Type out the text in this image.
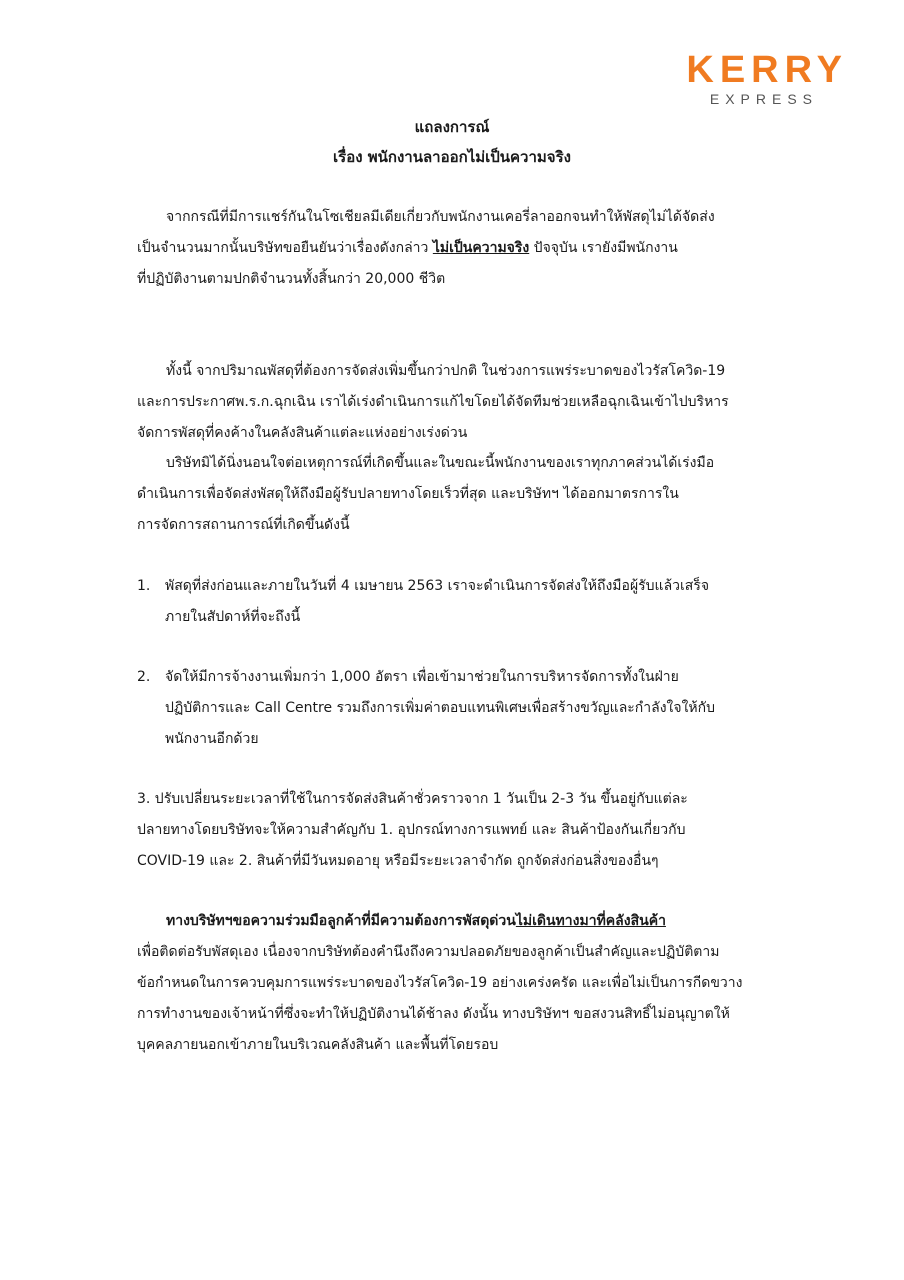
KERRY
EXPRESS
แถลงการณ์
เรื่อง พนักงานลาออกไม่เป็นความจริง
จากกรณีที่มีการแชร์กันในโซเชียลมีเดียเกี่ยวกับพนักงานเคอรี่ลาออกจนทำให้พัสดุไม่ได้จัดส่ง
เป็นจำนวนมากนั้นบริษัทขอยืนยันว่าเรื่องดังกล่าว ไม่เป็นความจริง ปัจจุบัน เรายังมีพนักงาน
ที่ปฏิบัติงานตามปกติจำนวนทั้งสิ้นกว่า 20,000 ชีวิต
ทั้งนี้ จากปริมาณพัสดุที่ต้องการจัดส่งเพิ่มขึ้นกว่าปกติ ในช่วงการแพร่ระบาดของไวรัสโควิด-19
และการประกาศพ.ร.ก.ฉุกเฉิน เราได้เร่งดำเนินการแก้ไขโดยได้จัดทีมช่วยเหลือฉุกเฉินเข้าไปบริหาร
จัดการพัสดุที่คงค้างในคลังสินค้าแต่ละแห่งอย่างเร่งด่วน
บริษัทมิได้นิ่งนอนใจต่อเหตุการณ์ที่เกิดขึ้นและในขณะนี้พนักงานของเราทุกภาคส่วนได้เร่งมือ
ดำเนินการเพื่อจัดส่งพัสดุให้ถึงมือผู้รับปลายทางโดยเร็วที่สุด และบริษัทฯ ได้ออกมาตรการใน
การจัดการสถานการณ์ที่เกิดขึ้นดังนี้
1. พัสดุที่ส่งก่อนและภายในวันที่ 4 เมษายน 2563 เราจะดำเนินการจัดส่งให้ถึงมือผู้รับแล้วเสร็จ
ภายในสัปดาห์ที่จะถึงนี้
2. จัดให้มีการจ้างงานเพิ่มกว่า 1,000 อัตรา เพื่อเข้ามาช่วยในการบริหารจัดการทั้งในฝ่าย
ปฏิบัติการและ Call Centre รวมถึงการเพิ่มค่าตอบแทนพิเศษเพื่อสร้างขวัญและกำลังใจให้กับ
พนักงานอีกด้วย
3. ปรับเปลี่ยนระยะเวลาที่ใช้ในการจัดส่งสินค้าชั่วคราวจาก 1 วันเป็น 2-3 วัน ขึ้นอยู่กับแต่ละ
ปลายทางโดยบริษัทจะให้ความสำคัญกับ 1. อุปกรณ์ทางการแพทย์ และ สินค้าป้องกันเกี่ยวกับ
COVID-19 และ 2. สินค้าที่มีวันหมดอายุ หรือมีระยะเวลาจำกัด ถูกจัดส่งก่อนสิ่งของอื่นๆ
ทางบริษัทฯขอความร่วมมือลูกค้าที่มีความต้องการพัสดุด่วนไม่เดินทางมาที่คลังสินค้า
เพื่อติดต่อรับพัสดุเอง เนื่องจากบริษัทต้องคำนึงถึงความปลอดภัยของลูกค้าเป็นสำคัญและปฏิบัติตาม
ข้อกำหนดในการควบคุมการแพร่ระบาดของไวรัสโควิด-19 อย่างเคร่งครัด และเพื่อไม่เป็นการกีดขวาง
การทำงานของเจ้าหน้าที่ซึ่งจะทำให้ปฏิบัติงานได้ช้าลง ดังนั้น ทางบริษัทฯ ขอสงวนสิทธิ์ไม่อนุญาตให้
บุคคลภายนอกเข้าภายในบริเวณคลังสินค้า และพื้นที่โดยรอบ
